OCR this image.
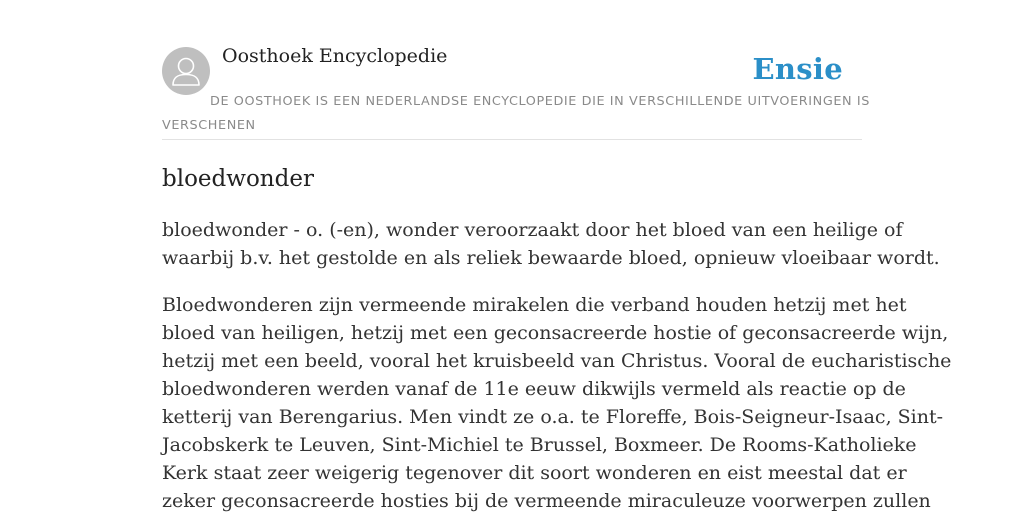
Oosthoek Encyclopedie	Ensie
DE OOSTHOEK IS EEN NEDERLANDSE ENCYCLOPEDIE DIE IN VERSCHILLENDE UITVOERINGEN IS
VERSCHENEN
bloedwonder

bloedwonder - o. (-en), wonder veroorzaakt door het bloed van een heilige of
waarbij b.v. het gestolde en als reliek bewaarde bloed, opnieuw vloeibaar wordt.

Bloedwonderen zijn vermeende mirakelen die verband houden hetzij met het
bloed van heiligen, hetzij met een geconsacreerde hostie of geconsacreerde wijn,
hetzij met een beeld, vooral het kruisbeeld van Christus. Vooral de eucharistische
bloedwonderen werden vanaf de 11e eeuw dikwijls vermeld als reactie op de
ketterij van Berengarius. Men vindt ze o.a. te Floreffe, Bois-Seigneur-Isaac, Sint-
Jacobskerk te Leuven, Sint-Michiel te Brussel, Boxmeer. De Rooms-Katholieke
Kerk staat zeer weigerig tegenover dit soort wonderen en eist meestal dat er
zeker geconsacreerde hosties bij de vermeende miraculeuze voorwerpen zullen
